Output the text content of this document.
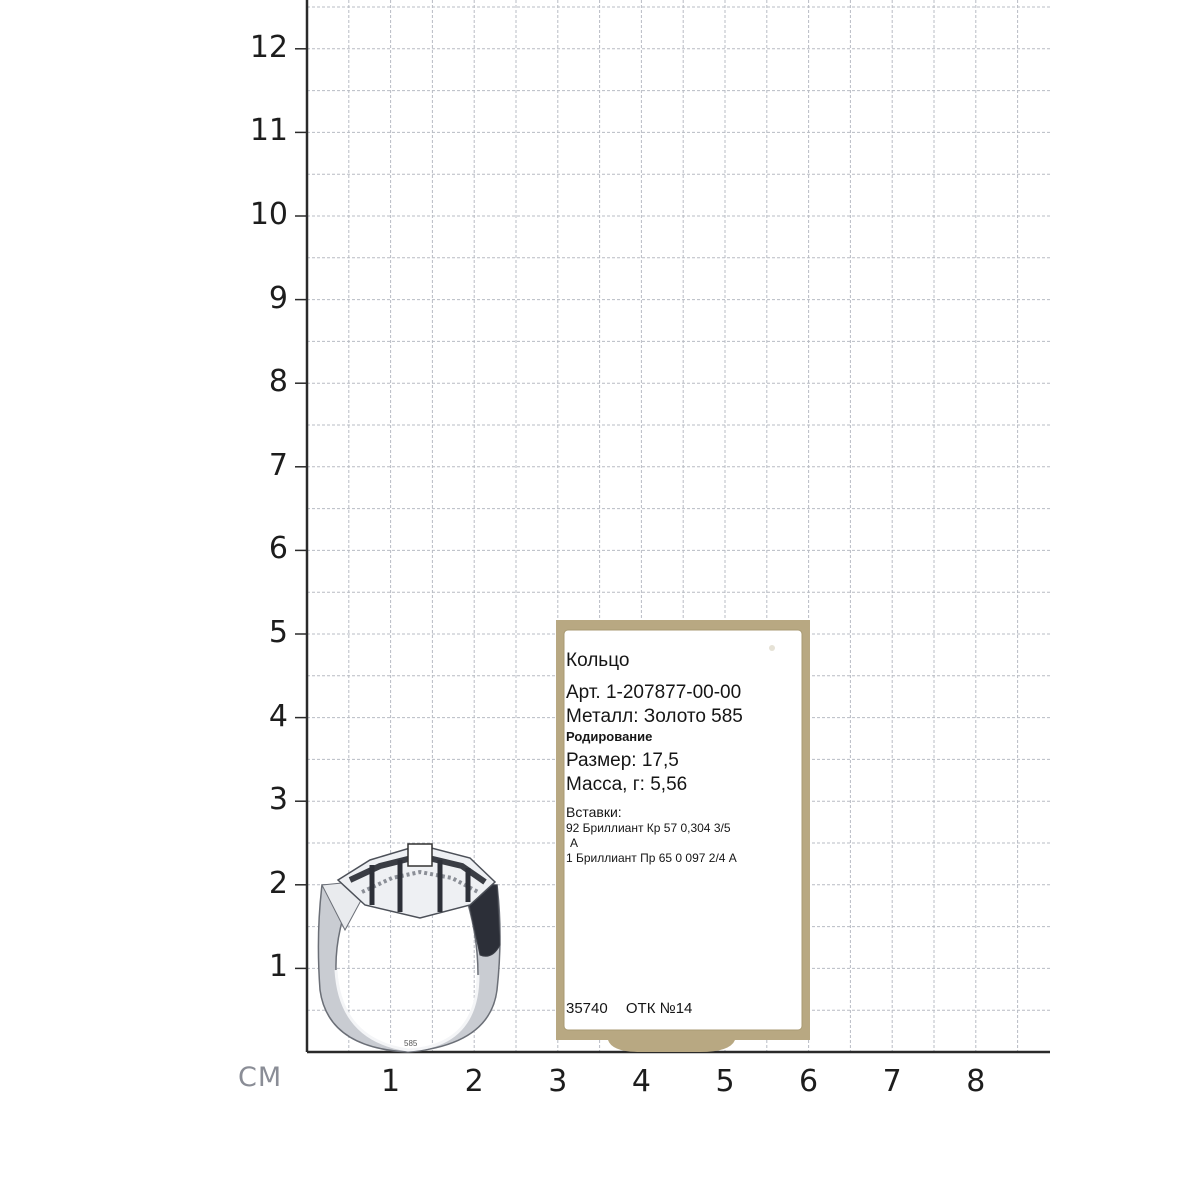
585
1
2
3
4
5
6
7
8
9
10
11
12
1	2	3	4	5	6	7	8
CM
Кольцо
Арт. 1-207877-00-00
Металл: Золото 585
Родирование
Размер: 17,5
Масса, г: 5,56
Вставки:
92 Бриллиант Кр 57 0,304 3/5
А
1 Бриллиант Пр 65 0 097 2/4 А
35740 ОТК №14
